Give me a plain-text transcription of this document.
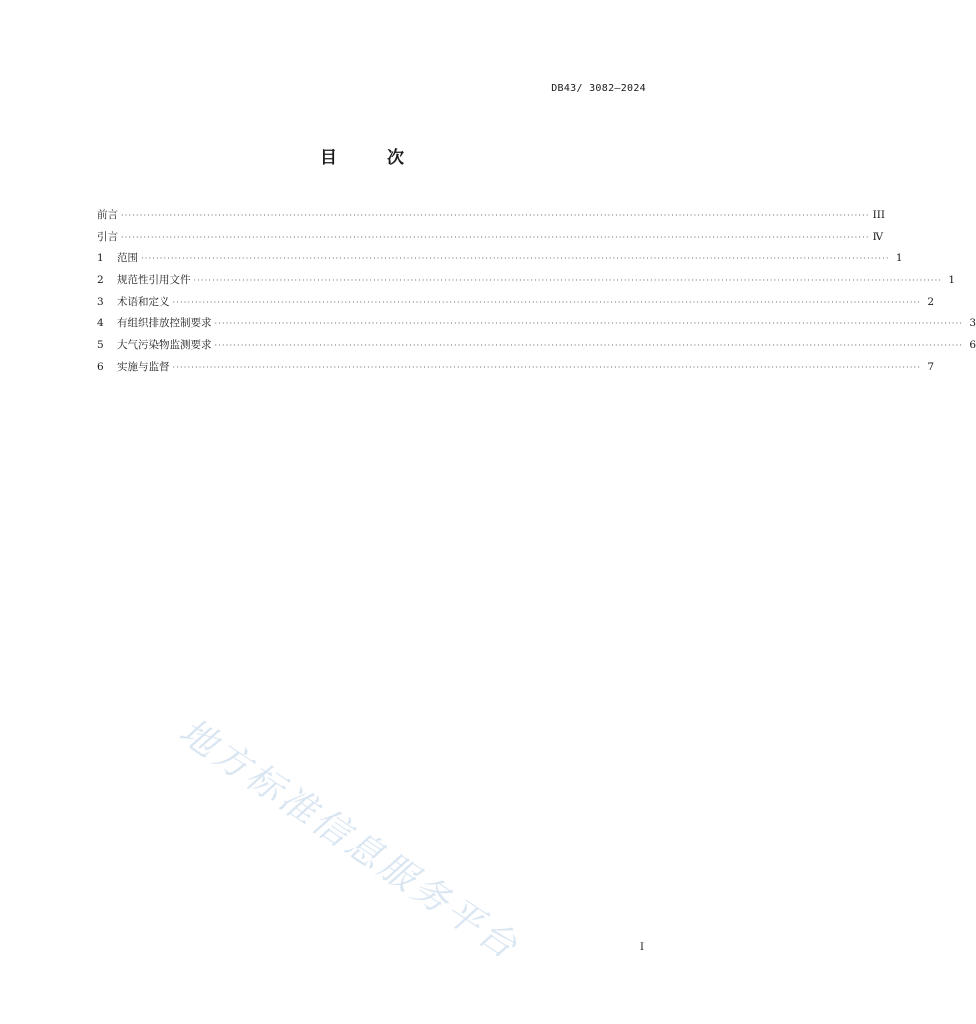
DB43/ 3082—2024
目	次
前言 ········································································································································································································ III
引言 ········································································································································································································ Ⅳ
1	范围 ········································································································································································································ 1
2	规范性引用文件 ········································································································································································································ 1
3	术语和定义 ········································································································································································································ 2
4	有组织排放控制要求 ········································································································································································································ 3
5	大气污染物监测要求 ········································································································································································································ 6
6	实施与监督 ········································································································································································································ 7
地方标准信息服务平台	I
